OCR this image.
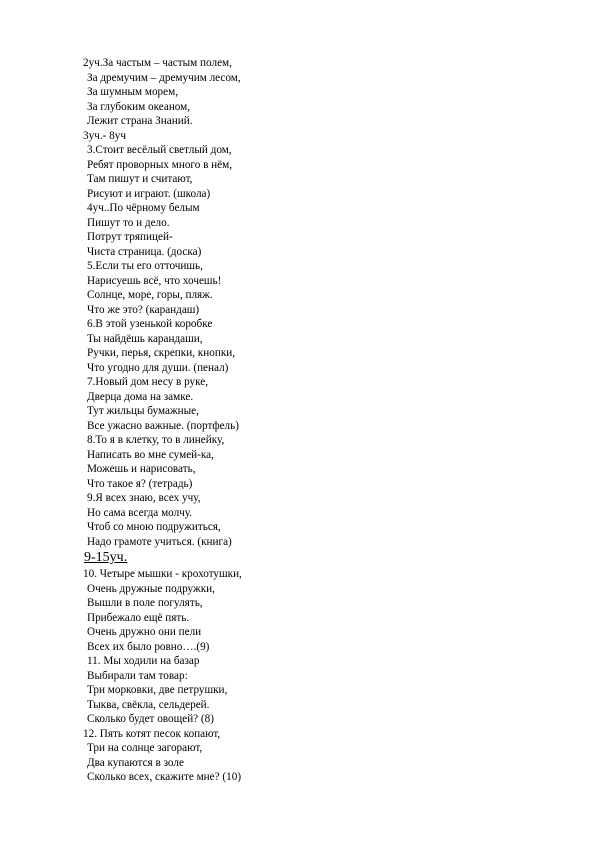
2уч.За частым – частым полем,
За дремучим – дремучим лесом,
За шумным морем,
За глубоким океаном,
Лежит страна Знаний.
3уч.- 8уч
3.Стоит весёлый светлый дом,
Ребят проворных много в нём,
Там пишут и считают,
Рисуют и играют. (школа)
4уч..По чёрному белым
Пишут то и дело.
Потрут тряпицей-
Чиста страница. (доска)
5.Если ты его отточишь,
Нарисуешь всё, что хочешь!
Солнце, море, горы, пляж.
Что же это? (карандаш)
6.В этой узенькой коробке
Ты найдёшь карандаши,
Ручки, перья, скрепки, кнопки,
Что угодно для души. (пенал)
7.Новый дом несу в руке,
Дверца дома на замке.
Тут жильцы бумажные,
Все ужасно важные. (портфель)
8.То я в клетку, то в линейку,
Написать во мне сумей-ка,
Можешь и нарисовать,
Что такое я? (тетрадь)
9.Я всех знаю, всех учу,
Но сама всегда молчу.
Чтоб со мною подружиться,
Надо грамоте учиться. (книга)
9-15уч.
10. Четыре мышки - крохотушки,
Очень дружные подружки,
Вышли в поле погулять,
Прибежало ещё пять.
Очень дружно они пели
Всех их было ровно….(9)
11. Мы ходили на базар
Выбирали там товар:
Три морковки, две петрушки,
Тыква, свёкла, сельдерей.
Сколько будет овощей? (8)
12. Пять котят песок копают,
Три на солнце загорают,
Два купаются в золе
Сколько всех, скажите мне? (10)
